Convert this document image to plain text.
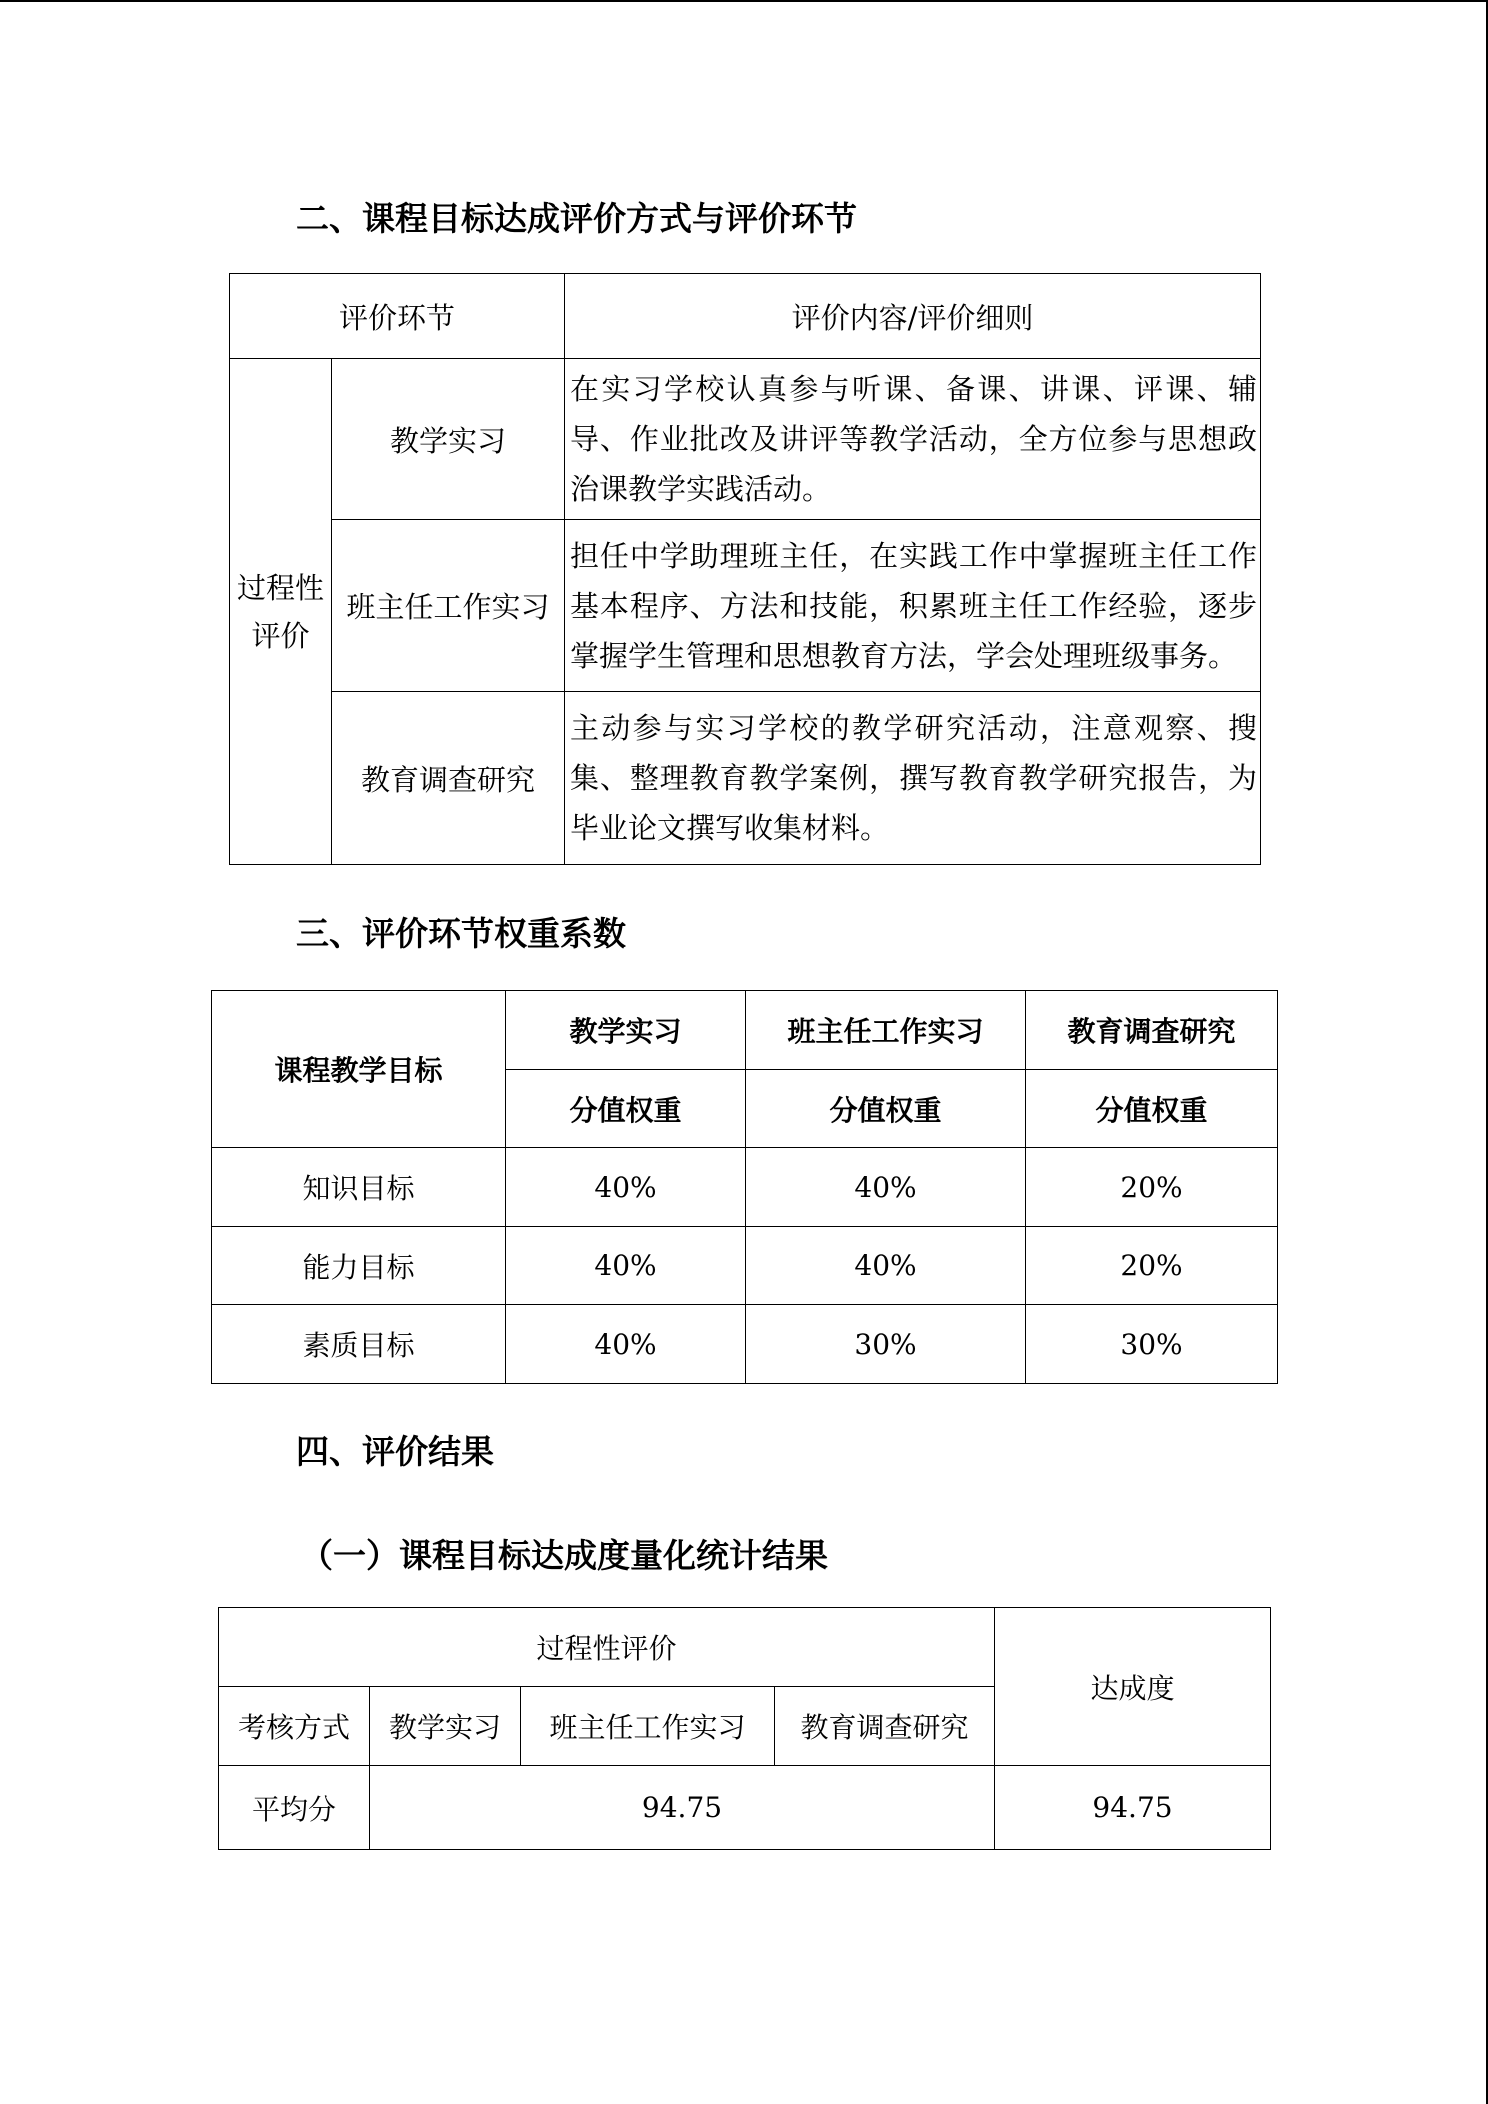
二、课程目标达成评价方式与评价环节
评价环节		评价内容/评价细则
过程性评价	教学实习	在实习学校认真参与听课、备课、讲课、评课、辅导、作业批改及讲评等教学活动，全方位参与思想政治课教学实践活动。
	班主任工作实习	担任中学助理班主任，在实践工作中掌握班主任工作基本程序、方法和技能，积累班主任工作经验，逐步掌握学生管理和思想教育方法，学会处理班级事务。
	教育调查研究	主动参与实习学校的教学研究活动，注意观察、搜集、整理教育教学案例，撰写教育教学研究报告，为毕业论文撰写收集材料。
三、评价环节权重系数
课程教学目标	教学实习	班主任工作实习	教育调查研究
	分值权重	分值权重	分值权重
知识目标	40%	40%	20%
能力目标	40%	40%	20%
素质目标	40%	30%	30%
四、评价结果
（一）课程目标达成度量化统计结果
过程性评价				达成度
考核方式	教学实习	班主任工作实习	教育调查研究	
平均分	94.75			94.75
